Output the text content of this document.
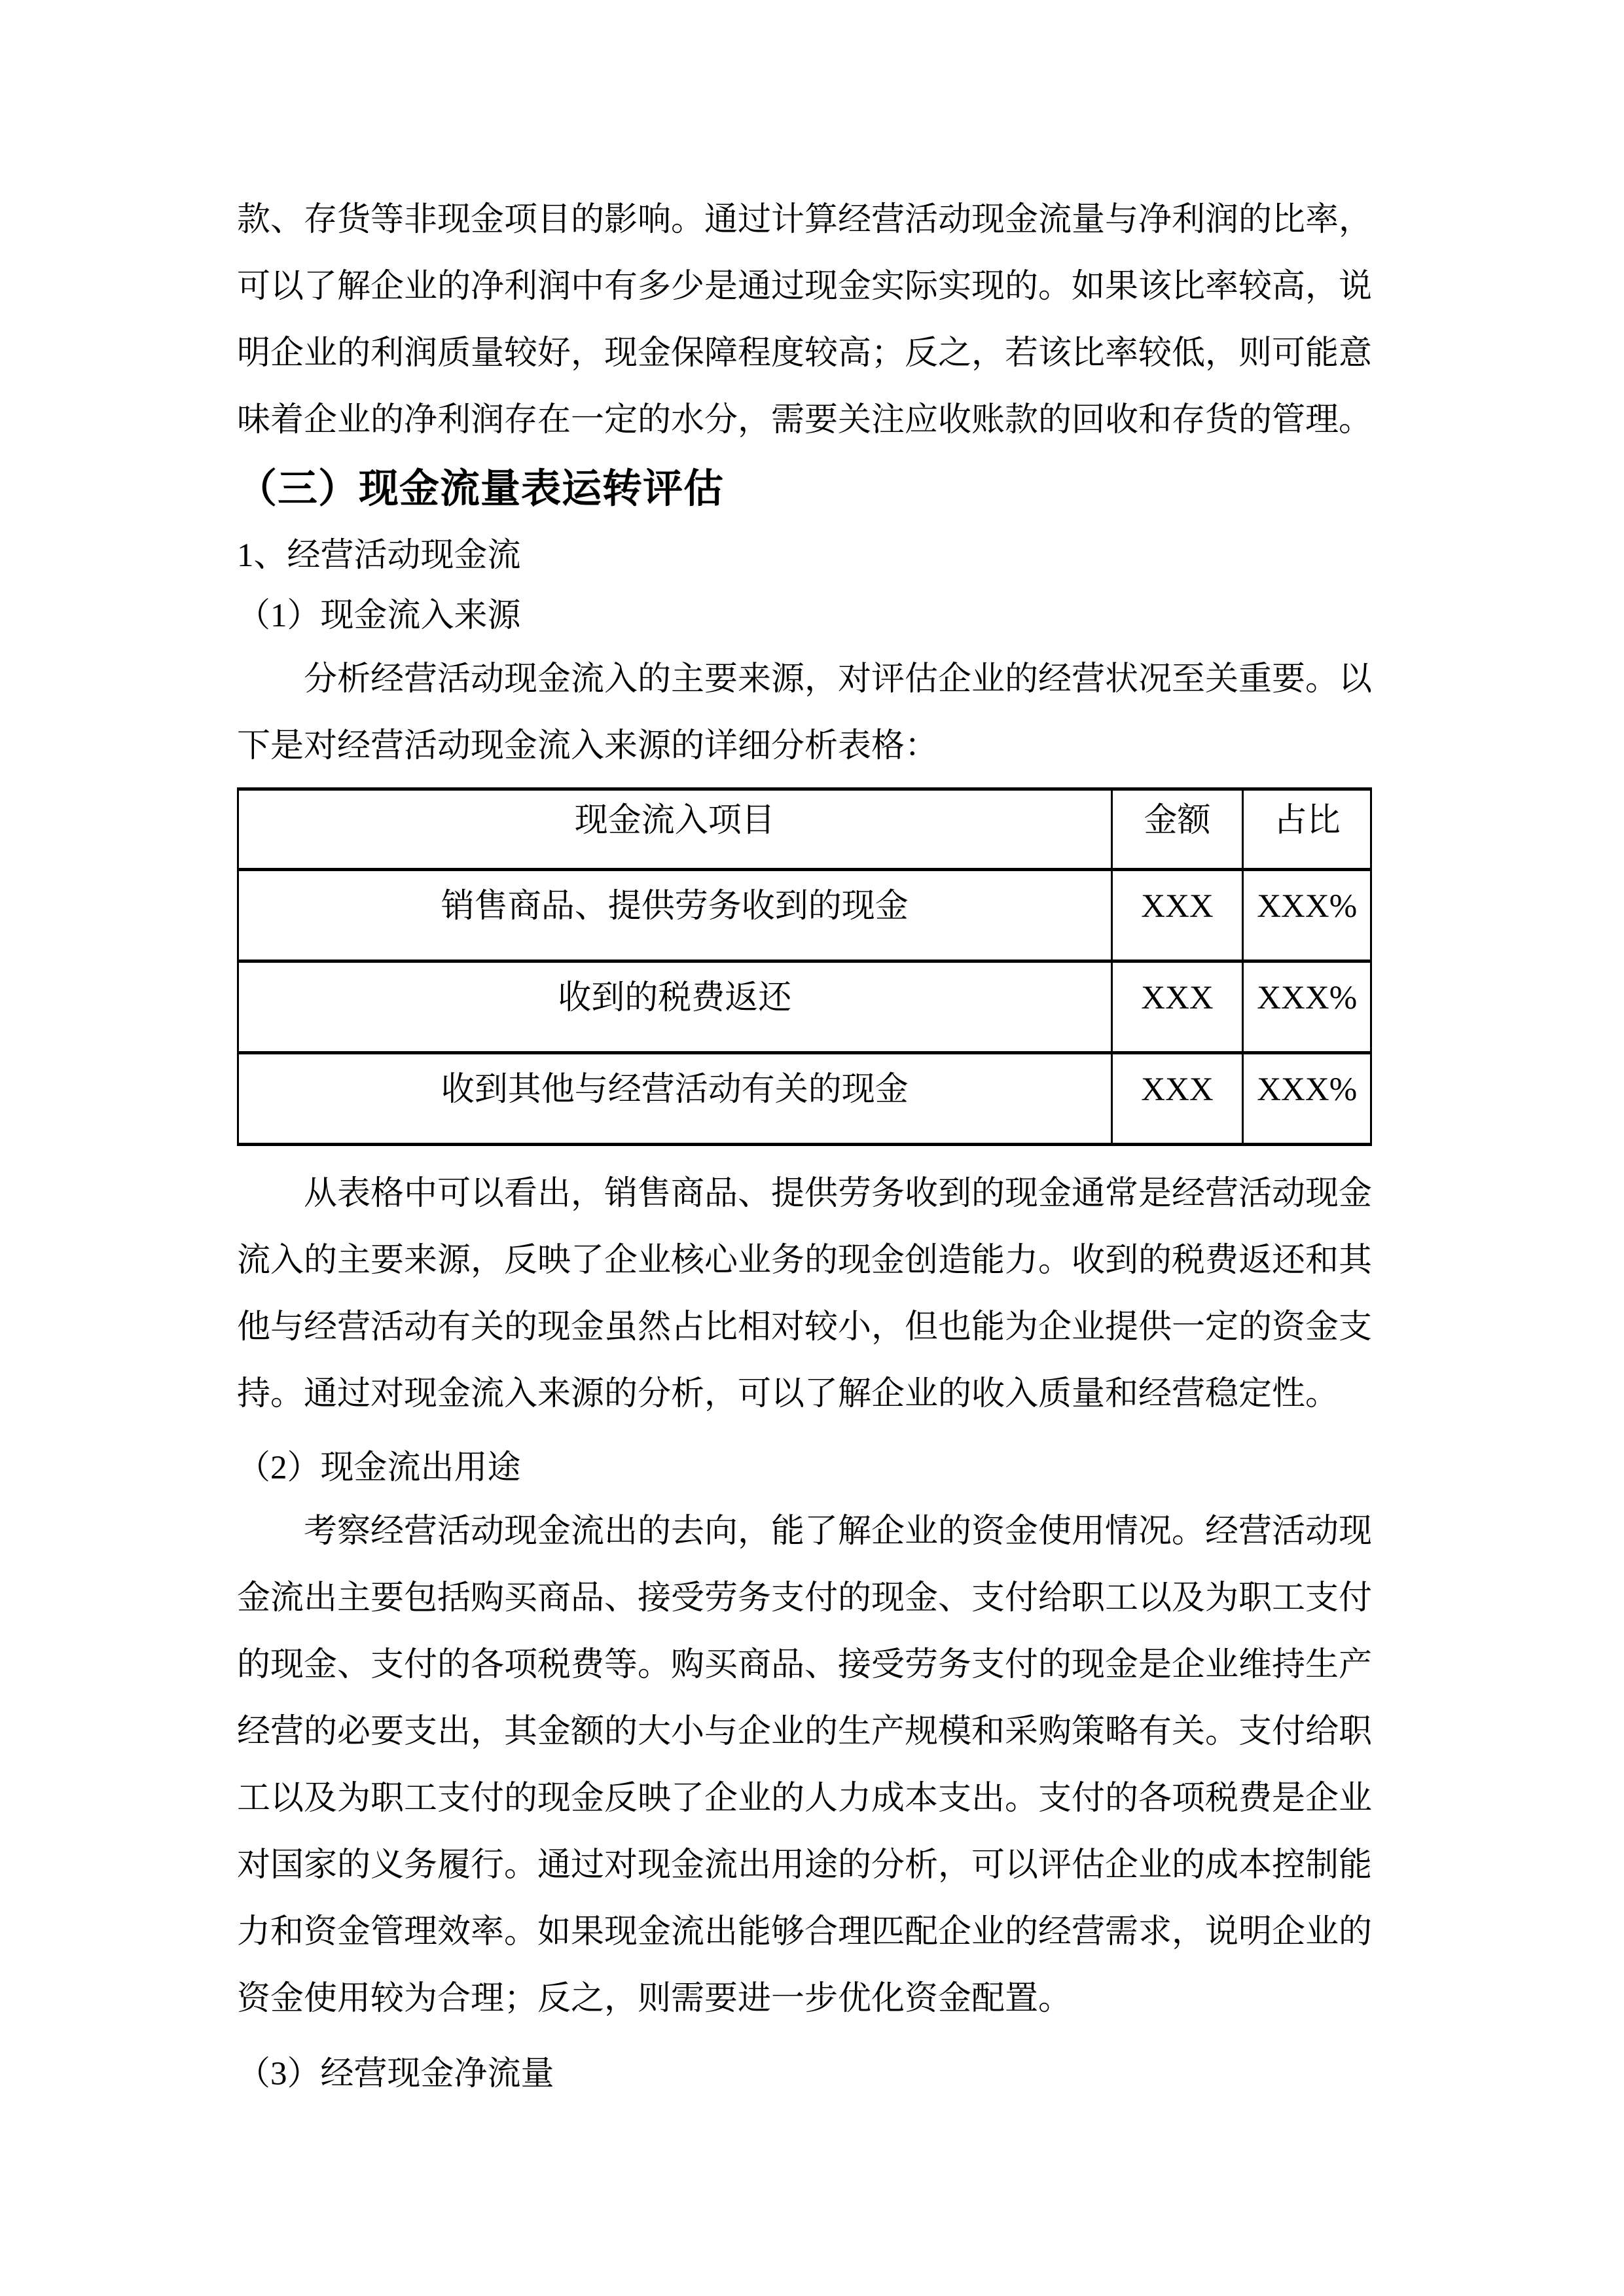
款、存货等非现金项目的影响。通过计算经营活动现金流量与净利润的比率，可以了解企业的净利润中有多少是通过现金实际实现的。如果该比率较高，说明企业的利润质量较好，现金保障程度较高；反之，若该比率较低，则可能意味着企业的净利润存在一定的水分，需要关注应收账款的回收和存货的管理。

（三）现金流量表运转评估

1、经营活动现金流

（1）现金流入来源

分析经营活动现金流入的主要来源，对评估企业的经营状况至关重要。以下是对经营活动现金流入来源的详细分析表格：

现金流入项目	金额	占比
销售商品、提供劳务收到的现金	XXX	XXX%
收到的税费返还	XXX	XXX%
收到其他与经营活动有关的现金	XXX	XXX%

从表格中可以看出，销售商品、提供劳务收到的现金通常是经营活动现金流入的主要来源，反映了企业核心业务的现金创造能力。收到的税费返还和其他与经营活动有关的现金虽然占比相对较小，但也能为企业提供一定的资金支持。通过对现金流入来源的分析，可以了解企业的收入质量和经营稳定性。

（2）现金流出用途

考察经营活动现金流出的去向，能了解企业的资金使用情况。经营活动现金流出主要包括购买商品、接受劳务支付的现金、支付给职工以及为职工支付的现金、支付的各项税费等。购买商品、接受劳务支付的现金是企业维持生产经营的必要支出，其金额的大小与企业的生产规模和采购策略有关。支付给职工以及为职工支付的现金反映了企业的人力成本支出。支付的各项税费是企业对国家的义务履行。通过对现金流出用途的分析，可以评估企业的成本控制能力和资金管理效率。如果现金流出能够合理匹配企业的经营需求，说明企业的资金使用较为合理；反之，则需要进一步优化资金配置。

（3）经营现金净流量
